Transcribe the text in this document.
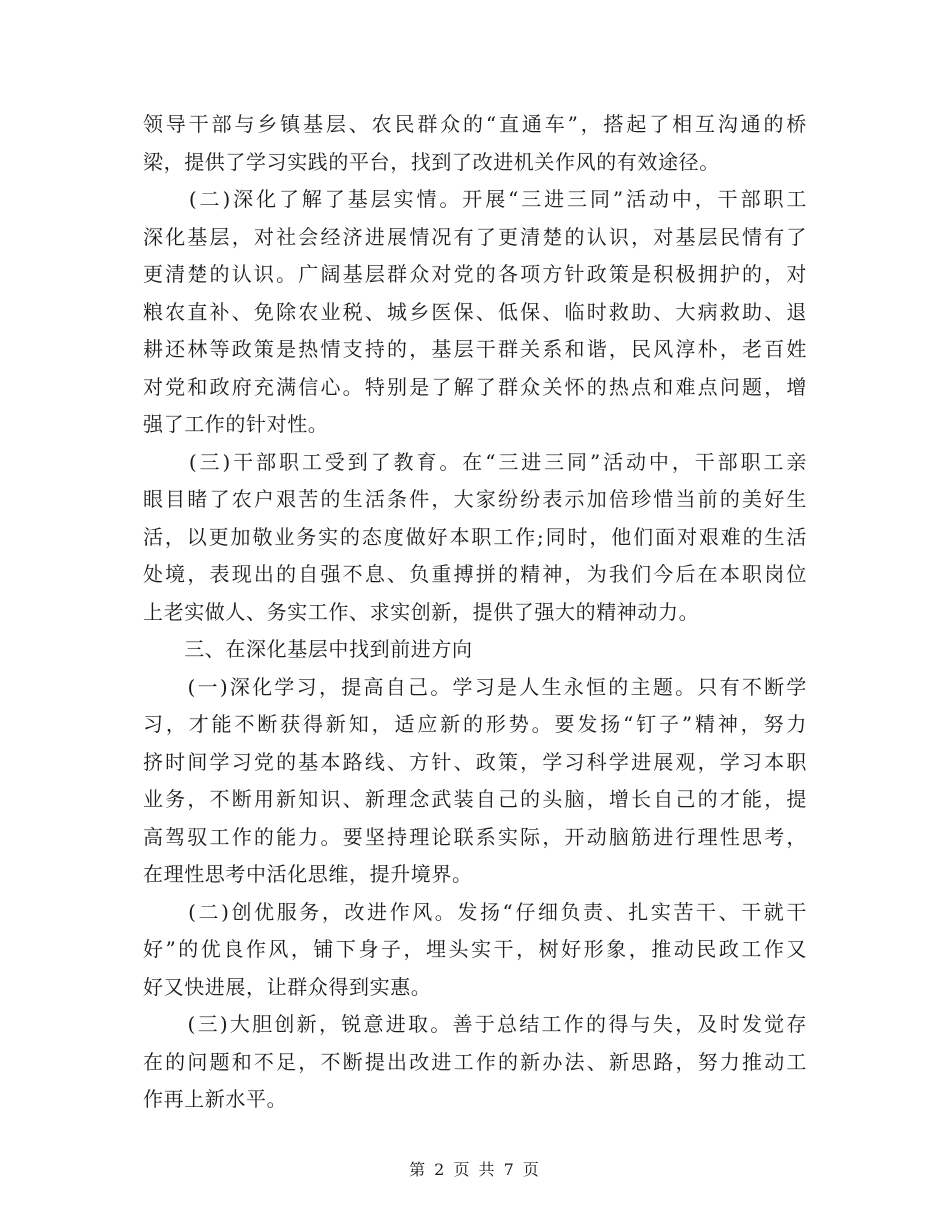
领导干部与乡镇基层、农民群众的“直通车”，搭起了相互沟通的桥
梁，提供了学习实践的平台，找到了改进机关作风的有效途径。
　　(二)深化了解了基层实情。开展“三进三同”活动中，干部职工
深化基层，对社会经济进展情况有了更清楚的认识，对基层民情有了
更清楚的认识。广阔基层群众对党的各项方针政策是积极拥护的，对
粮农直补、免除农业税、城乡医保、低保、临时救助、大病救助、退
耕还林等政策是热情支持的，基层干群关系和谐，民风淳朴，老百姓
对党和政府充满信心。特别是了解了群众关怀的热点和难点问题，增
强了工作的针对性。
　　(三)干部职工受到了教育。在“三进三同”活动中，干部职工亲
眼目睹了农户艰苦的生活条件，大家纷纷表示加倍珍惜当前的美好生
活，以更加敬业务实的态度做好本职工作;同时，他们面对艰难的生活
处境，表现出的自强不息、负重搏拼的精神，为我们今后在本职岗位
上老实做人、务实工作、求实创新，提供了强大的精神动力。
　　三、在深化基层中找到前进方向
　　(一)深化学习，提高自己。学习是人生永恒的主题。只有不断学
习，才能不断获得新知，适应新的形势。要发扬“钉子”精神，努力
挤时间学习党的基本路线、方针、政策，学习科学进展观，学习本职
业务，不断用新知识、新理念武装自己的头脑，增长自己的才能，提
高驾驭工作的能力。要坚持理论联系实际，开动脑筋进行理性思考，
在理性思考中活化思维，提升境界。
　　(二)创优服务，改进作风。发扬“仔细负责、扎实苦干、干就干
好”的优良作风，铺下身子，埋头实干，树好形象，推动民政工作又
好又快进展，让群众得到实惠。
　　(三)大胆创新，锐意进取。善于总结工作的得与失，及时发觉存
在的问题和不足，不断提出改进工作的新办法、新思路，努力推动工
作再上新水平。
第 2 页 共 7 页
